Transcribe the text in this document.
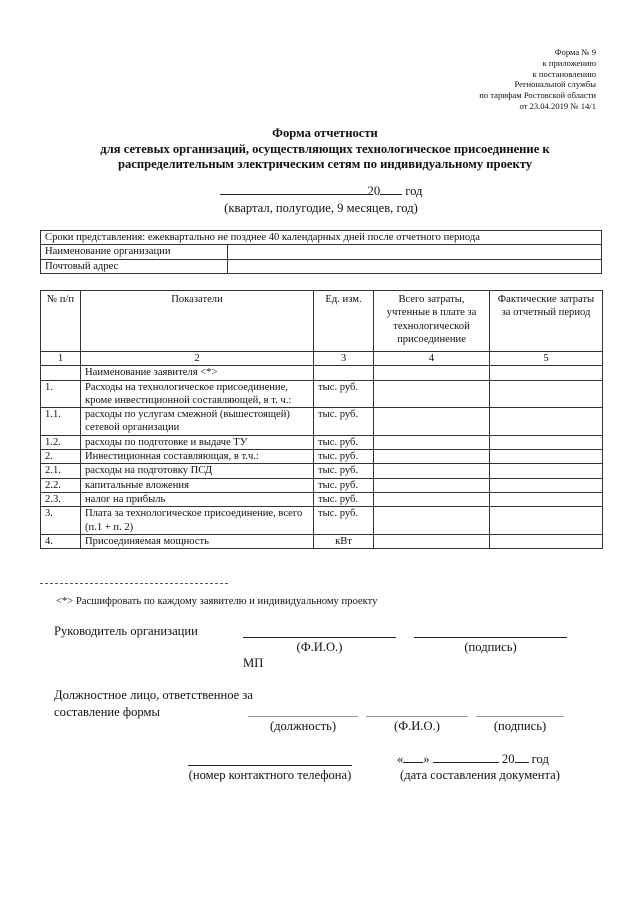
Форма № 9
к приложению
к постановлению
Региональной службы
по тарифам Ростовской области
от 23.04.2019 № 14/1
Форма отчетности
для сетевых организаций, осуществляющих технологическое присоединение к
распределительным электрическим сетям по индивидуальному проекту
20 год
(квартал, полугодие, 9 месяцев, год)
Сроки представления: ежеквартально не позднее 40 календарных дней после отчетного периода	
Наименование организации	
Почтовый адрес	
№ п/п	Показатели	Ед. изм.	Всего затраты, учтенные в плате за технологической присоединение	Фактические затраты за отчетный период
1	2	3	4	5
	Наименование заявителя <*>			
1.	Расходы на технологическое присоединение, кроме инвестиционной составляющей, в т. ч.:	тыс. руб.		
1.1.	расходы по услугам смежной (вышестоящей) сетевой организации	тыс. руб.		
1.2.	расходы по подготовке и выдаче ТУ	тыс. руб.		
2.	Инвестиционная составляющая, в т.ч.:	тыс. руб.		
2.1.	расходы на подготовку ПСД	тыс. руб.		
2.2.	капитальные вложения	тыс. руб.		
2.3.	налог на прибыль	тыс. руб.		
3.	Плата за технологическое присоединение, всего (п.1 + п. 2)	тыс. руб.		
4.	Присоединяемая мощность	кВт		
<*> Расшифровать по каждому заявителю и индивидуальному проекту
Руководитель организации
(Ф.И.О.)	(подпись)
МП
Должностное лицо, ответственное за
составление формы
(должность)	(Ф.И.О.)	(подпись)
(номер контактного телефона)
« »	20 год
(дата составления документа)
